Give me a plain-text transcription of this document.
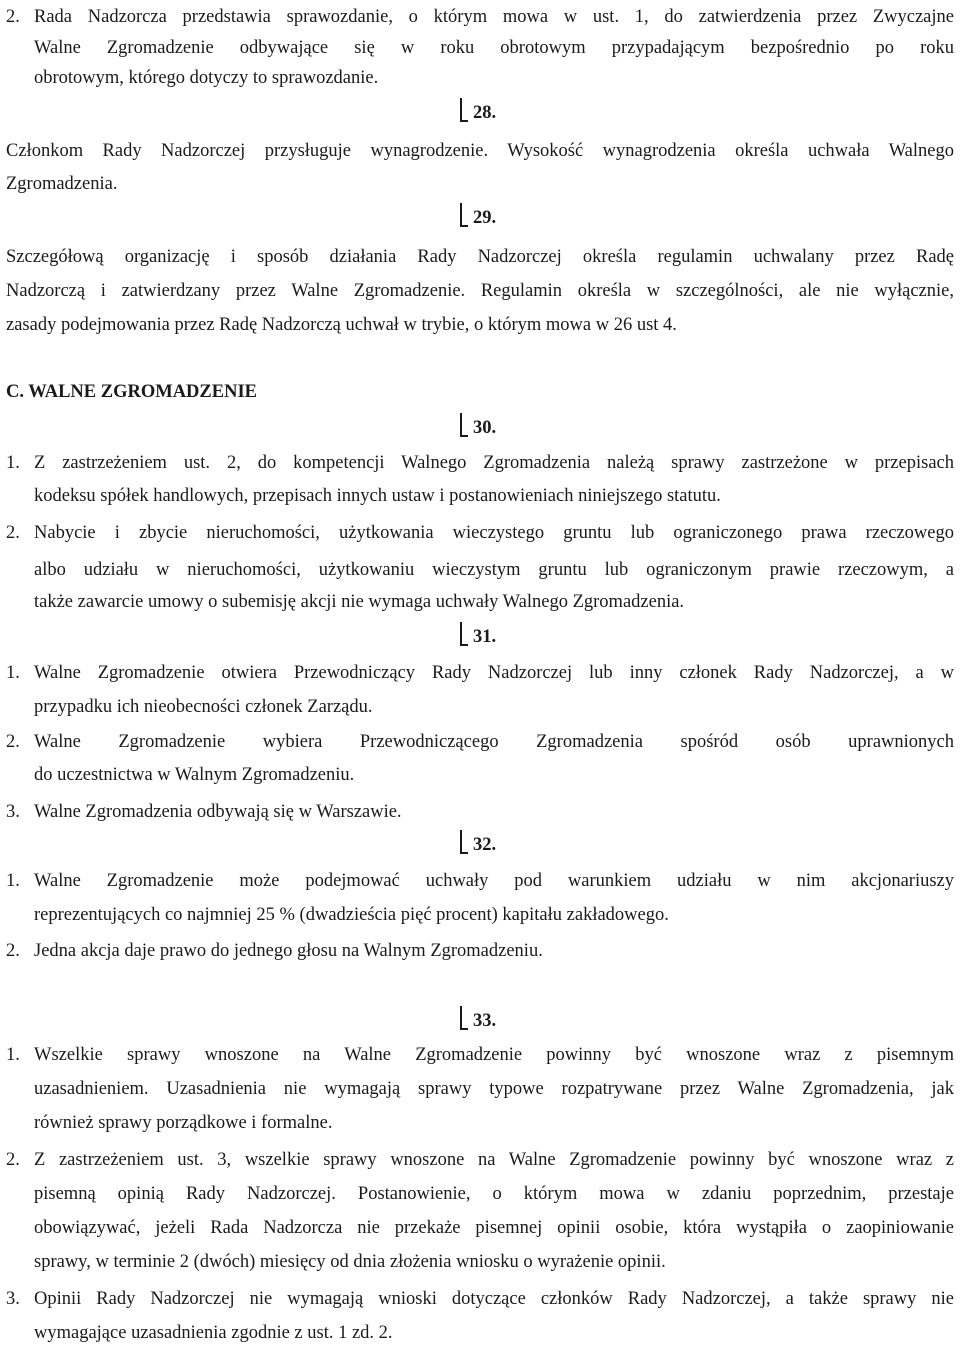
2. Rada Nadzorcza przedstawia sprawozdanie, o którym mowa w ust. 1, do zatwierdzenia przez Zwyczajne
Walne Zgromadzenie odbywające się w roku obrotowym przypadającym bezpośrednio po roku
obrotowym, którego dotyczy to sprawozdanie.
28.
Członkom Rady Nadzorczej przysługuje wynagrodzenie. Wysokość wynagrodzenia określa uchwała Walnego
Zgromadzenia.
29.
Szczegółową organizację i sposób działania Rady Nadzorczej określa regulamin uchwalany przez Radę
Nadzorczą i zatwierdzany przez Walne Zgromadzenie. Regulamin określa w szczególności, ale nie wyłącznie,
zasady podejmowania przez Radę Nadzorczą uchwał w trybie, o którym mowa w 26 ust 4.
C. WALNE ZGROMADZENIE
30.
1. Z zastrzeżeniem ust. 2, do kompetencji Walnego Zgromadzenia należą sprawy zastrzeżone w przepisach
kodeksu spółek handlowych, przepisach innych ustaw i postanowieniach niniejszego statutu.
2. Nabycie i zbycie nieruchomości, użytkowania wieczystego gruntu lub ograniczonego prawa rzeczowego
albo udziału w nieruchomości, użytkowaniu wieczystym gruntu lub ograniczonym prawie rzeczowym, a
także zawarcie umowy o subemisję akcji nie wymaga uchwały Walnego Zgromadzenia.
31.
1. Walne Zgromadzenie otwiera Przewodniczący Rady Nadzorczej lub inny członek Rady Nadzorczej, a w
przypadku ich nieobecności członek Zarządu.
2. Walne Zgromadzenie wybiera Przewodniczącego Zgromadzenia spośród osób uprawnionych
do uczestnictwa w Walnym Zgromadzeniu.
3. Walne Zgromadzenia odbywają się w Warszawie.
32.
1. Walne Zgromadzenie może podejmować uchwały pod warunkiem udziału w nim akcjonariuszy
reprezentujących co najmniej 25 % (dwadzieścia pięć procent) kapitału zakładowego.
2. Jedna akcja daje prawo do jednego głosu na Walnym Zgromadzeniu.
33.
1. Wszelkie sprawy wnoszone na Walne Zgromadzenie powinny być wnoszone wraz z pisemnym
uzasadnieniem. Uzasadnienia nie wymagają sprawy typowe rozpatrywane przez Walne Zgromadzenia, jak
również sprawy porządkowe i formalne.
2. Z zastrzeżeniem ust. 3, wszelkie sprawy wnoszone na Walne Zgromadzenie powinny być wnoszone wraz z
pisemną opinią Rady Nadzorczej. Postanowienie, o którym mowa w zdaniu poprzednim, przestaje
obowiązywać, jeżeli Rada Nadzorcza nie przekaże pisemnej opinii osobie, która wystąpiła o zaopiniowanie
sprawy, w terminie 2 (dwóch) miesięcy od dnia złożenia wniosku o wyrażenie opinii.
3. Opinii Rady Nadzorczej nie wymagają wnioski dotyczące członków Rady Nadzorczej, a także sprawy nie
wymagające uzasadnienia zgodnie z ust. 1 zd. 2.
